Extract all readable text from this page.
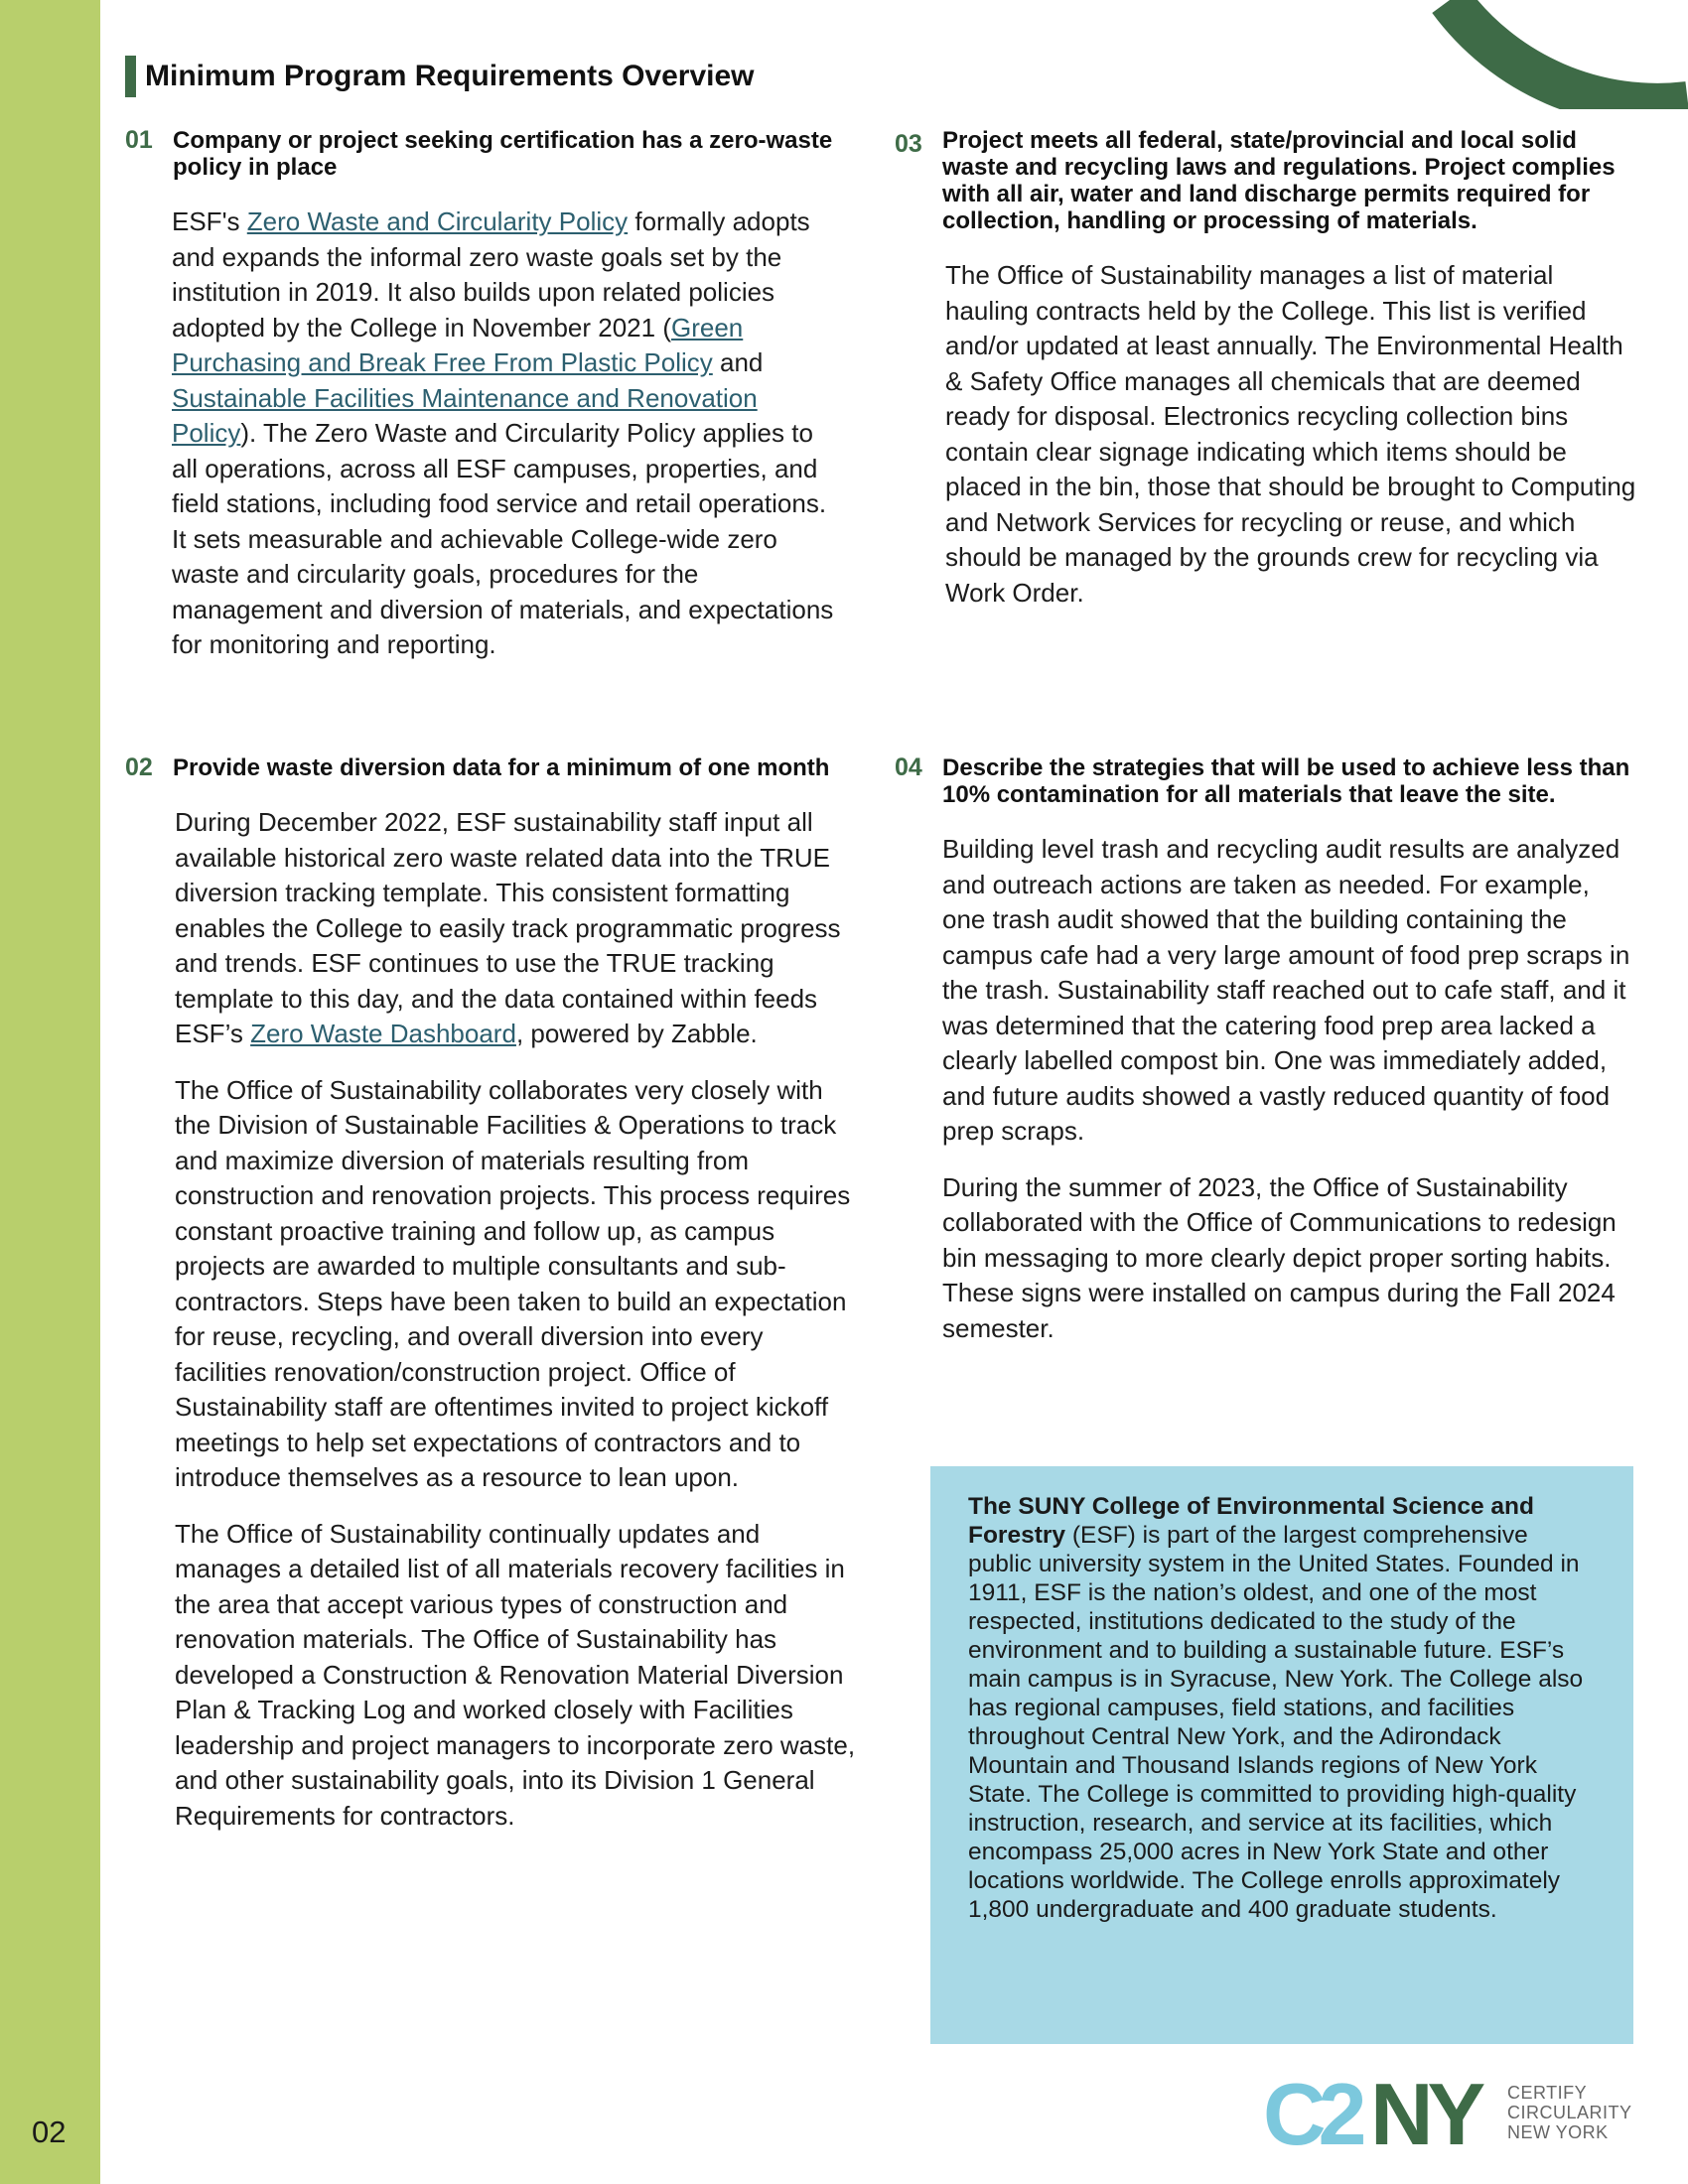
02
Minimum Program Requirements Overview
01 Company or project seeking certification has a zero-waste policy in place

ESF's Zero Waste and Circularity Policy formally adopts and expands the informal zero waste goals set by the institution in 2019. It also builds upon related policies adopted by the College in November 2021 (Green Purchasing and Break Free From Plastic Policy and Sustainable Facilities Maintenance and Renovation Policy). The Zero Waste and Circularity Policy applies to all operations, across all ESF campuses, properties, and field stations, including food service and retail operations. It sets measurable and achievable College-wide zero waste and circularity goals, procedures for the management and diversion of materials, and expectations for monitoring and reporting.

02 Provide waste diversion data for a minimum of one month

During December 2022, ESF sustainability staff input all available historical zero waste related data into the TRUE diversion tracking template. This consistent formatting enables the College to easily track programmatic progress and trends. ESF continues to use the TRUE tracking template to this day, and the data contained within feeds ESF’s Zero Waste Dashboard, powered by Zabble.

The Office of Sustainability collaborates very closely with the Division of Sustainable Facilities & Operations to track and maximize diversion of materials resulting from construction and renovation projects. This process requires constant proactive training and follow up, as campus projects are awarded to multiple consultants and sub-contractors. Steps have been taken to build an expectation for reuse, recycling, and overall diversion into every facilities renovation/construction project. Office of Sustainability staff are oftentimes invited to project kickoff meetings to help set expectations of contractors and to introduce themselves as a resource to lean upon.

The Office of Sustainability continually updates and manages a detailed list of all materials recovery facilities in the area that accept various types of construction and renovation materials. The Office of Sustainability has developed a Construction & Renovation Material Diversion Plan & Tracking Log and worked closely with Facilities leadership and project managers to incorporate zero waste, and other sustainability goals, into its Division 1 General Requirements for contractors.

03 Project meets all federal, state/provincial and local solid waste and recycling laws and regulations. Project complies with all air, water and land discharge permits required for collection, handling or processing of materials.

The Office of Sustainability manages a list of material hauling contracts held by the College. This list is verified and/or updated at least annually. The Environmental Health & Safety Office manages all chemicals that are deemed ready for disposal. Electronics recycling collection bins contain clear signage indicating which items should be placed in the bin, those that should be brought to Computing and Network Services for recycling or reuse, and which should be managed by the grounds crew for recycling via Work Order.

04 Describe the strategies that will be used to achieve less than 10% contamination for all materials that leave the site.

Building level trash and recycling audit results are analyzed and outreach actions are taken as needed. For example, one trash audit showed that the building containing the campus cafe had a very large amount of food prep scraps in the trash. Sustainability staff reached out to cafe staff, and it was determined that the catering food prep area lacked a clearly labelled compost bin. One was immediately added, and future audits showed a vastly reduced quantity of food prep scraps.

During the summer of 2023, the Office of Sustainability collaborated with the Office of Communications to redesign bin messaging to more clearly depict proper sorting habits. These signs were installed on campus during the Fall 2024 semester.

The SUNY College of Environmental Science and Forestry (ESF) is part of the largest comprehensive public university system in the United States. Founded in 1911, ESF is the nation’s oldest, and one of the most respected, institutions dedicated to the study of the environment and to building a sustainable future. ESF’s main campus is in Syracuse, New York. The College also has regional campuses, field stations, and facilities throughout Central New York, and the Adirondack Mountain and Thousand Islands regions of New York State. The College is committed to providing high-quality instruction, research, and service at its facilities, which encompass 25,000 acres in New York State and other locations worldwide. The College enrolls approximately 1,800 undergraduate and 400 graduate students.

C2 NY CERTIFY
CIRCULARITY
NEW YORK
